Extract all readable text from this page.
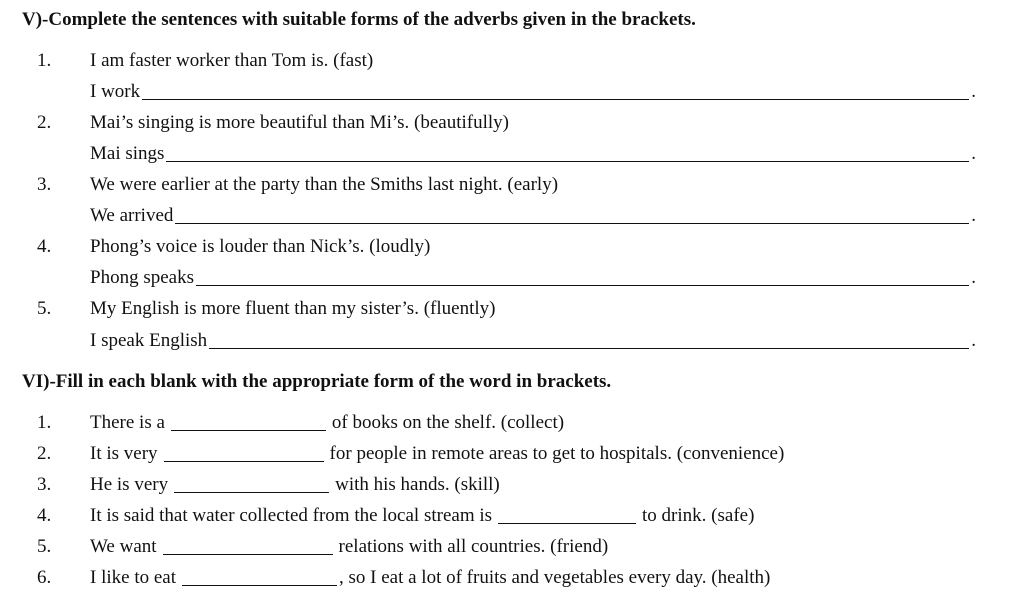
V)-Complete the sentences with suitable forms of the adverbs given in the brackets.
1. I am faster worker than Tom is. (fast)
I work	.
2. Mai’s singing is more beautiful than Mi’s. (beautifully)
Mai sings	.
3. We were earlier at the party than the Smiths last night. (early)
We arrived	.
4. Phong’s voice is louder than Nick’s. (loudly)
Phong speaks	.
5. My English is more fluent than my sister’s. (fluently)
I speak English	.
VI)-Fill in each blank with the appropriate form of the word in brackets.
1. There is a	of books on the shelf. (collect)
2. It is very	for people in remote areas to get to hospitals. (convenience)
3. He is very	with his hands. (skill)
4. It is said that water collected from the local stream is	to drink. (safe)
5. We want	relations with all countries. (friend)
6. I like to eat	, so I eat a lot of fruits and vegetables every day. (health)
